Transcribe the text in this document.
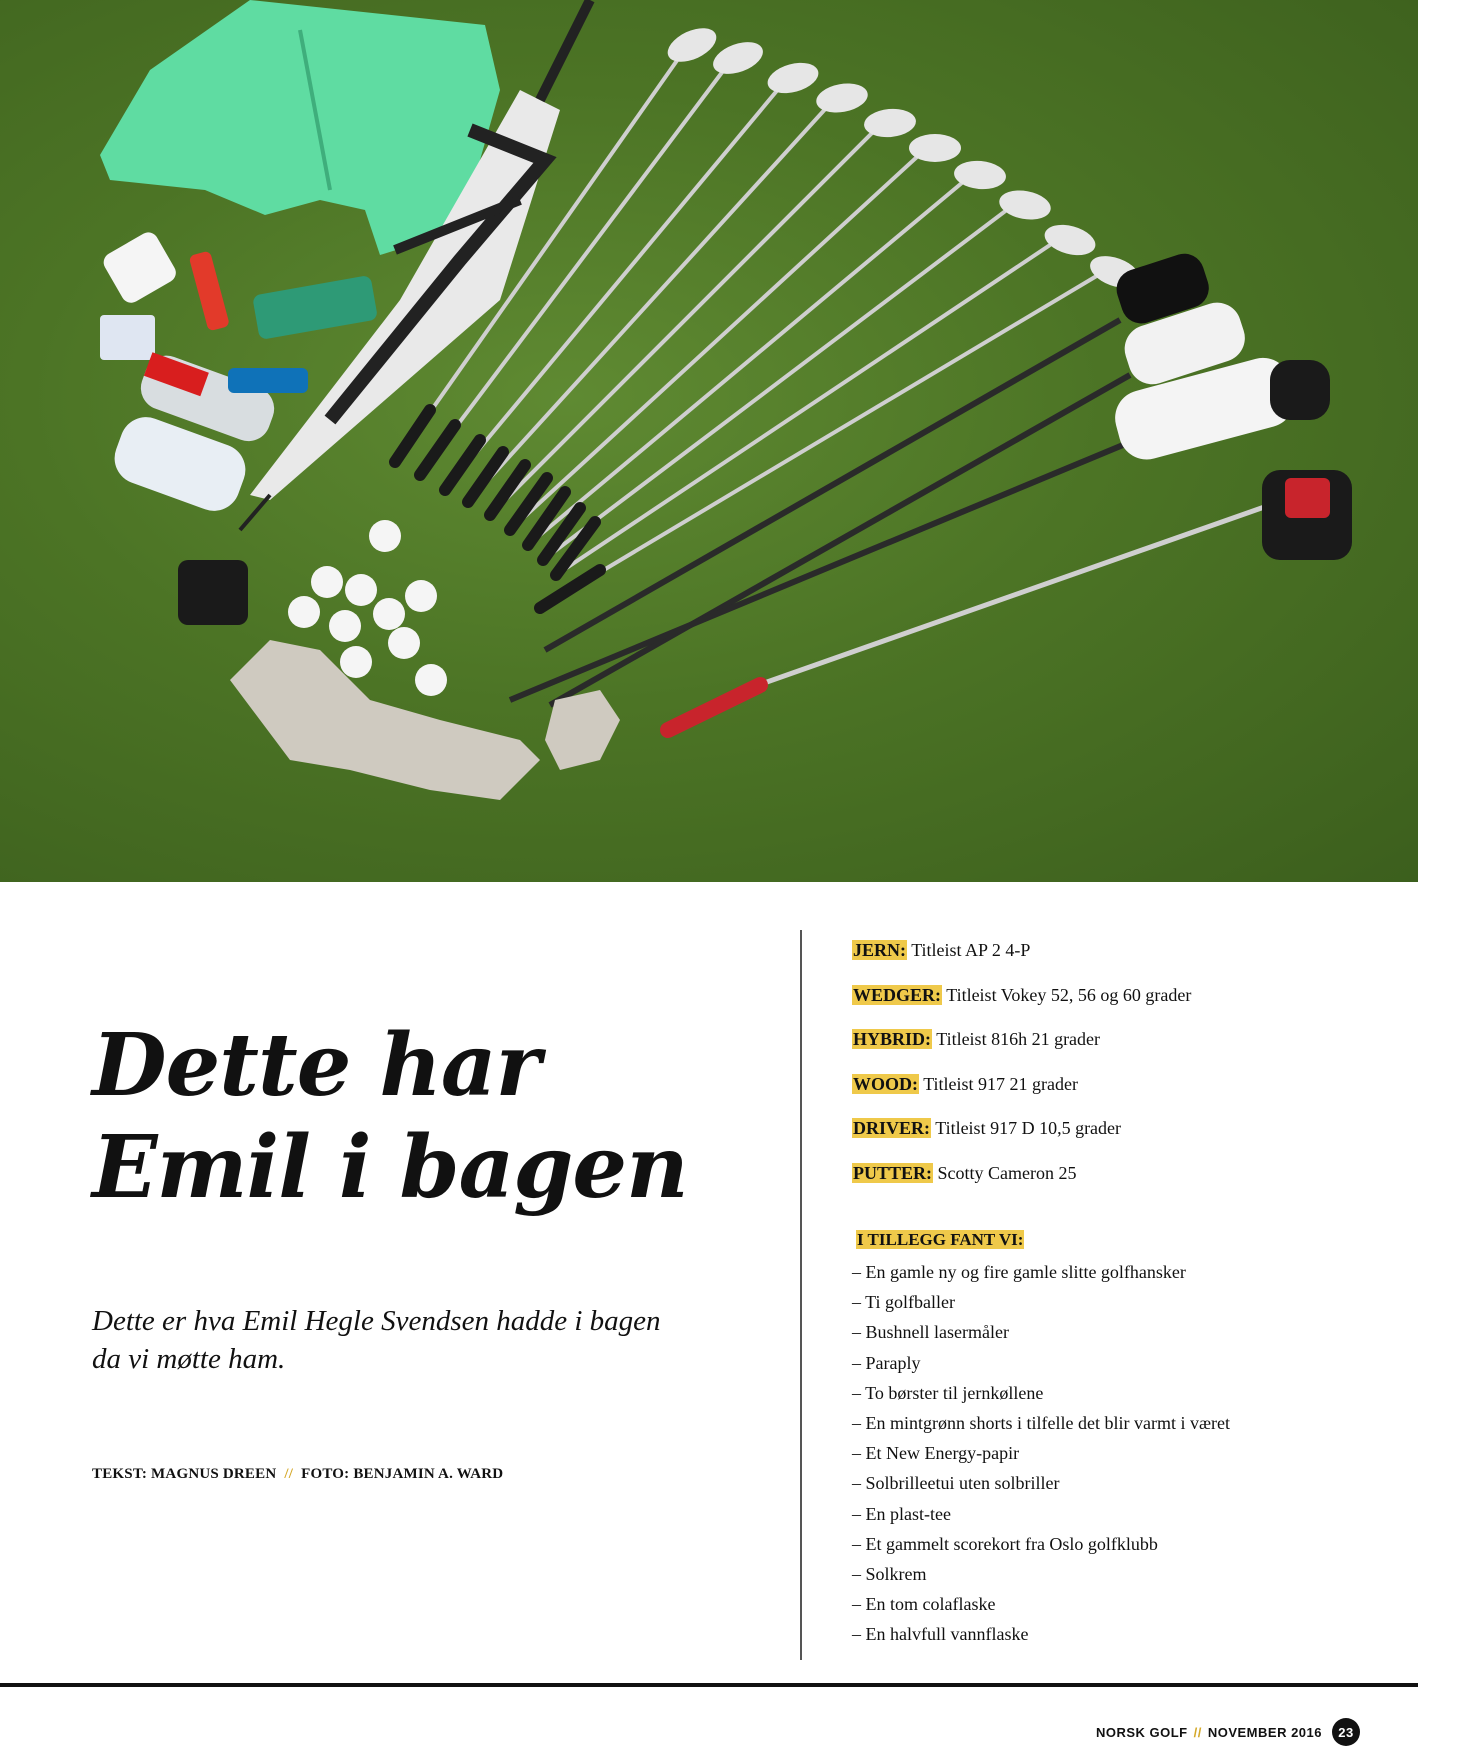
Dette har
Emil i bagen
Dette er hva Emil Hegle Svendsen hadde i bagen da vi møtte ham.
TEKST: MAGNUS DREEN // FOTO: BENJAMIN A. WARD
JERN: Titleist AP 2 4-P
WEDGER: Titleist Vokey 52, 56 og 60 grader
HYBRID: Titleist 816h 21 grader
WOOD: Titleist 917 21 grader
DRIVER: Titleist 917 D 10,5 grader
PUTTER: Scotty Cameron 25
I TILLEGG FANT VI:
– En gamle ny og fire gamle slitte golfhansker
– Ti golfballer
– Bushnell lasermåler
– Paraply
– To børster til jernkøllene
– En mintgrønn shorts i tilfelle det blir varmt i været
– Et New Energy-papir
– Solbrilleetui uten solbriller
– En plast-tee
– Et gammelt scorekort fra Oslo golfklubb
– Solkrem
– En tom colaflaske
– En halvfull vannflaske
NORSK GOLF // NOVEMBER 2016	23
